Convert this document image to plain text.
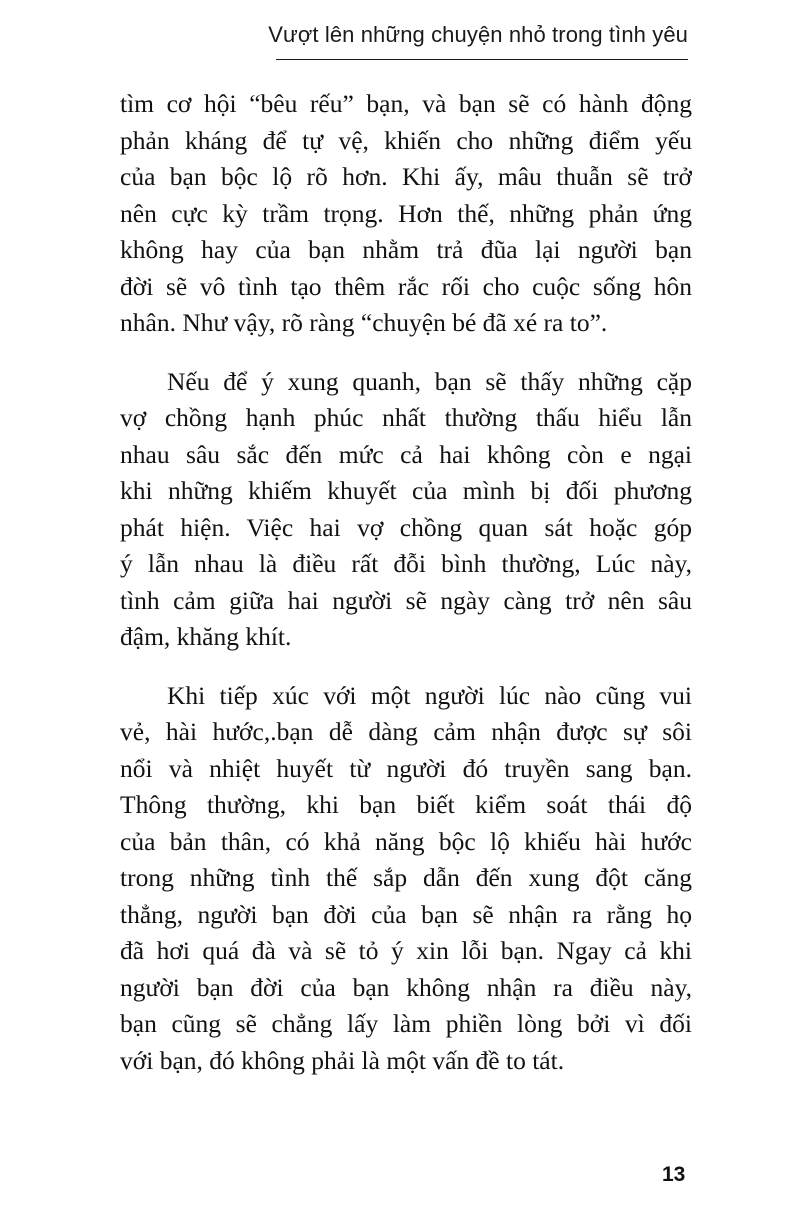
Vượt lên những chuyện nhỏ trong tình yêu

tìm cơ hội “bêu rếu” bạn, và bạn sẽ có hành động
phản kháng để tự vệ, khiến cho những điểm yếu
của bạn bộc lộ rõ hơn. Khi ấy, mâu thuẫn sẽ trở
nên cực kỳ trầm trọng. Hơn thế, những phản ứng
không hay của bạn nhằm trả đũa lại người bạn
đời sẽ vô tình tạo thêm rắc rối cho cuộc sống hôn
nhân. Như vậy, rõ ràng “chuyện bé đã xé ra to”.

Nếu để ý xung quanh, bạn sẽ thấy những cặp
vợ chồng hạnh phúc nhất thường thấu hiểu lẫn
nhau sâu sắc đến mức cả hai không còn e ngại
khi những khiếm khuyết của mình bị đối phương
phát hiện. Việc hai vợ chồng quan sát hoặc góp
ý lẫn nhau là điều rất đỗi bình thường, Lúc này,
tình cảm giữa hai người sẽ ngày càng trở nên sâu
đậm, khăng khít.

Khi tiếp xúc với một người lúc nào cũng vui
vẻ, hài hước,.bạn dễ dàng cảm nhận được sự sôi
nổi và nhiệt huyết từ người đó truyền sang bạn.
Thông thường, khi bạn biết kiểm soát thái độ
của bản thân, có khả năng bộc lộ khiếu hài hước
trong những tình thế sắp dẫn đến xung đột căng
thẳng, người bạn đời của bạn sẽ nhận ra rằng họ
đã hơi quá đà và sẽ tỏ ý xin lỗi bạn. Ngay cả khi
người bạn đời của bạn không nhận ra điều này,
bạn cũng sẽ chẳng lấy làm phiền lòng bởi vì đối
với bạn, đó không phải là một vấn đề to tát.

13
